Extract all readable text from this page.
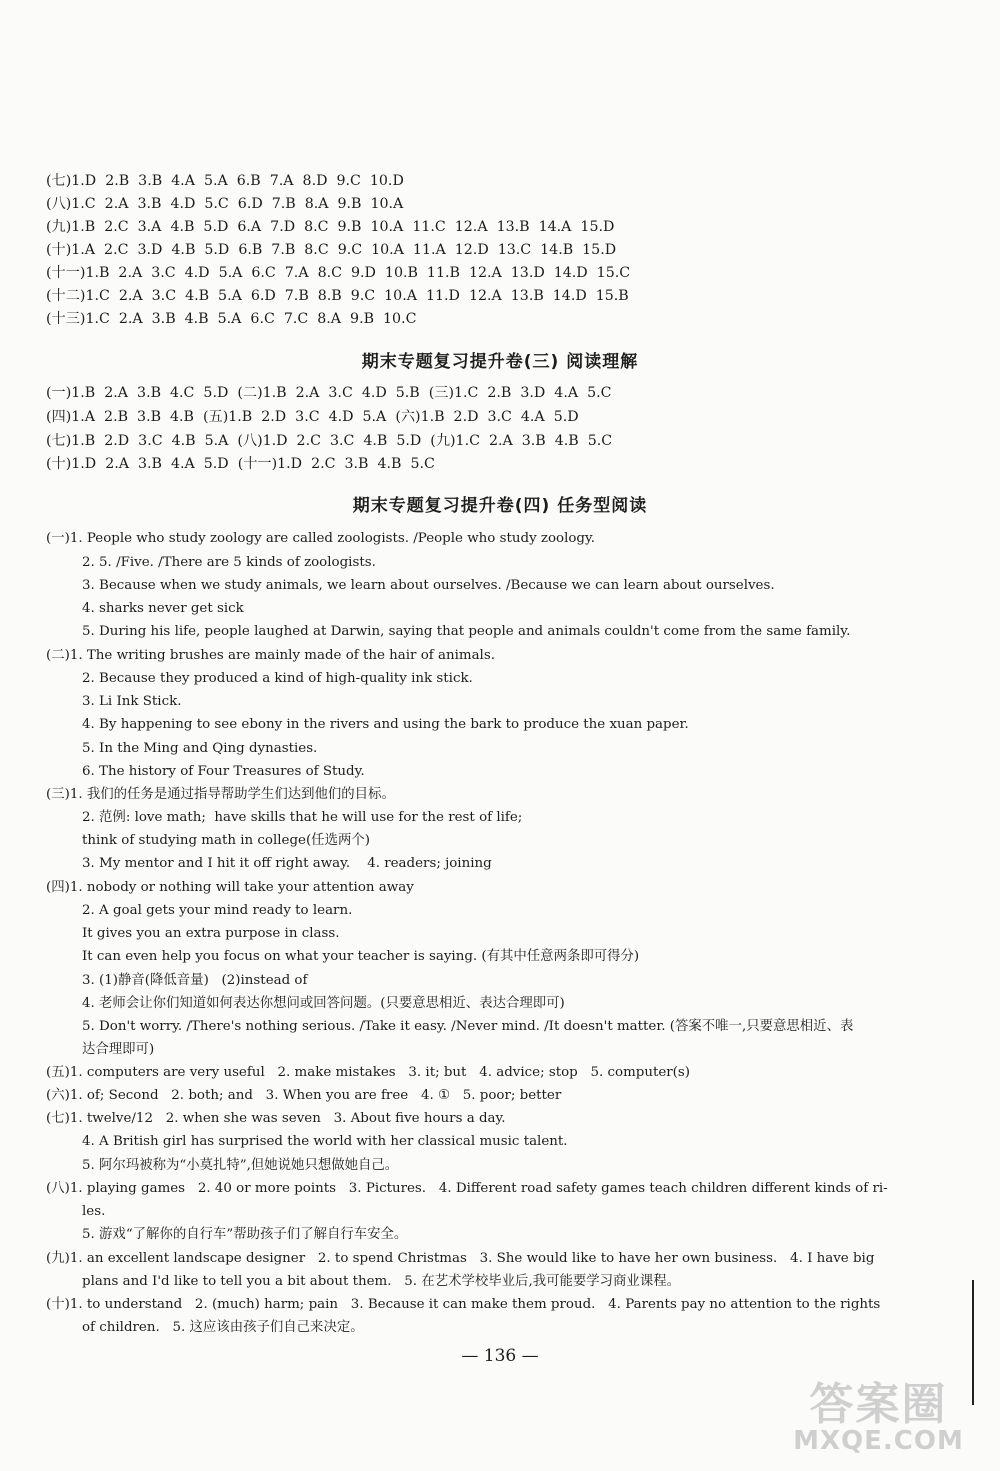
(七)1.D  2.B  3.B  4.A  5.A  6.B  7.A  8.D  9.C  10.D
(八)1.C  2.A  3.B  4.D  5.C  6.D  7.B  8.A  9.B  10.A
(九)1.B  2.C  3.A  4.B  5.D  6.A  7.D  8.C  9.B  10.A  11.C  12.A  13.B  14.A  15.D
(十)1.A  2.C  3.D  4.B  5.D  6.B  7.B  8.C  9.C  10.A  11.A  12.D  13.C  14.B  15.D
(十一)1.B  2.A  3.C  4.D  5.A  6.C  7.A  8.C  9.D  10.B  11.B  12.A  13.D  14.D  15.C
(十二)1.C  2.A  3.C  4.B  5.A  6.D  7.B  8.B  9.C  10.A  11.D  12.A  13.B  14.D  15.B
(十三)1.C  2.A  3.B  4.B  5.A  6.C  7.C  8.A  9.B  10.C
期末专题复习提升卷(三) 阅读理解
(一)1.B  2.A  3.B  4.C  5.D  (二)1.B  2.A  3.C  4.D  5.B  (三)1.C  2.B  3.D  4.A  5.C
(四)1.A  2.B  3.B  4.B  (五)1.B  2.D  3.C  4.D  5.A  (六)1.B  2.D  3.C  4.A  5.D
(七)1.B  2.D  3.C  4.B  5.A  (八)1.D  2.C  3.C  4.B  5.D  (九)1.C  2.A  3.B  4.B  5.C
(十)1.D  2.A  3.B  4.A  5.D  (十一)1.D  2.C  3.B  4.B  5.C
期末专题复习提升卷(四) 任务型阅读
(一)1. People who study zoology are called zoologists. /People who study zoology.
2. 5. /Five. /There are 5 kinds of zoologists.
3. Because when we study animals, we learn about ourselves. /Because we can learn about ourselves.
4. sharks never get sick
5. During his life, people laughed at Darwin, saying that people and animals couldn't come from the same family.
(二)1. The writing brushes are mainly made of the hair of animals.
2. Because they produced a kind of high-quality ink stick.
3. Li Ink Stick.
4. By happening to see ebony in the rivers and using the bark to produce the xuan paper.
5. In the Ming and Qing dynasties.
6. The history of Four Treasures of Study.
(三)1. 我们的任务是通过指导帮助学生们达到他们的目标。
2. 范例: love math;  have skills that he will use for the rest of life;
think of studying math in college(任选两个)
3. My mentor and I hit it off right away.    4. readers; joining
(四)1. nobody or nothing will take your attention away
2. A goal gets your mind ready to learn.
It gives you an extra purpose in class.
It can even help you focus on what your teacher is saying. (有其中任意两条即可得分)
3. (1)静音(降低音量)   (2)instead of
4. 老师会让你们知道如何表达你想问或回答问题。(只要意思相近、表达合理即可)
5. Don't worry. /There's nothing serious. /Take it easy. /Never mind. /It doesn't matter. (答案不唯一,只要意思相近、表
达合理即可)
(五)1. computers are very useful   2. make mistakes   3. it; but   4. advice; stop   5. computer(s)
(六)1. of; Second   2. both; and   3. When you are free   4. ①   5. poor; better
(七)1. twelve/12   2. when she was seven   3. About five hours a day.
4. A British girl has surprised the world with her classical music talent.
5. 阿尔玛被称为“小莫扎特”,但她说她只想做她自己。
(八)1. playing games   2. 40 or more points   3. Pictures.   4. Different road safety games teach children different kinds of ri-
les.
5. 游戏“了解你的自行车”帮助孩子们了解自行车安全。
(九)1. an excellent landscape designer   2. to spend Christmas   3. She would like to have her own business.   4. I have big
plans and I'd like to tell you a bit about them.   5. 在艺术学校毕业后,我可能要学习商业课程。
(十)1. to understand   2. (much) harm; pain   3. Because it can make them proud.   4. Parents pay no attention to the rights
of children.   5. 这应该由孩子们自己来决定。
— 136 —
答案圈
MXQE.COM
